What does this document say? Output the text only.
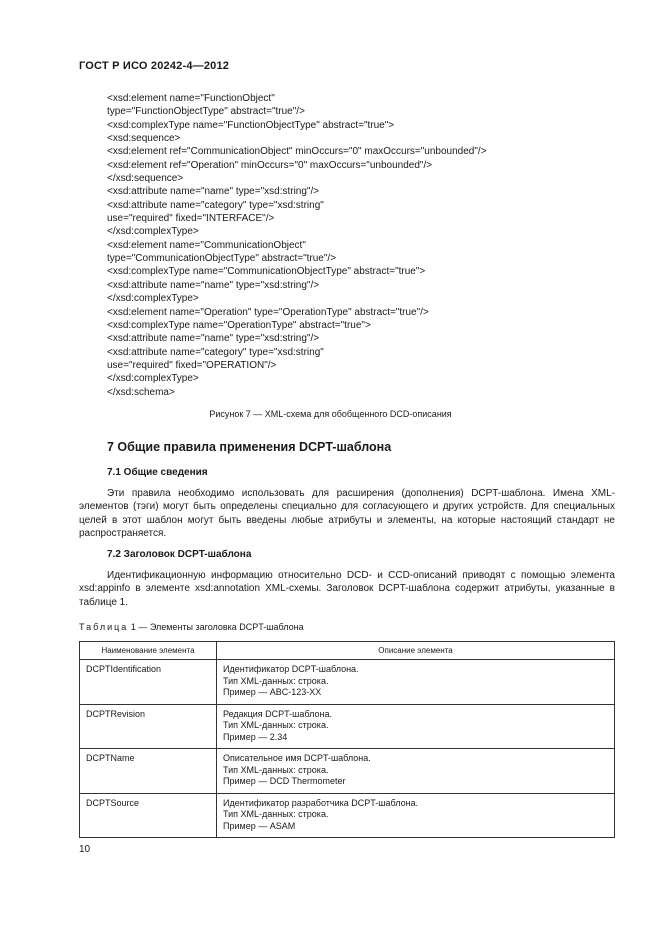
ГОСТ Р ИСО 20242-4—2012
<xsd:element name="FunctionObject"
type="FunctionObjectType" abstract="true"/>
<xsd:complexType name="FunctionObjectType" abstract="true">
<xsd:sequence>
<xsd:element ref="CommunicationObject" minOccurs="0" maxOccurs="unbounded"/>
<xsd:element ref="Operation" minOccurs="0" maxOccurs="unbounded"/>
</xsd:sequence>
<xsd:attribute name="name" type="xsd:string"/>
<xsd:attribute name="category" type="xsd:string"
use="required" fixed="INTERFACE"/>
</xsd:complexType>
<xsd:element name="CommunicationObject"
type="CommunicationObjectType" abstract="true"/>
<xsd:complexType name="CommunicationObjectType" abstract="true">
<xsd:attribute name="name" type="xsd:string"/>
</xsd:complexType>
<xsd:element name="Operation" type="OperationType" abstract="true"/>
<xsd:complexType name="OperationType" abstract="true">
<xsd:attribute name="name" type="xsd:string"/>
<xsd:attribute name="category" type="xsd:string"
use="required" fixed="OPERATION"/>
</xsd:complexType>
</xsd:schema>
Рисунок 7 — XML-схема для обобщенного DCD-описания
7 Общие правила применения DCPT-шаблона
7.1 Общие сведения
Эти правила необходимо использовать для расширения (дополнения) DCPT-шаблона. Имена XML- элементов (тэги) могут быть определены специально для согласующего и других устройств. Для специальных целей в этот шаблон могут быть введены любые атрибуты и элементы, на которые настоящий стандарт не распространяется.
7.2 Заголовок DCPT-шаблона
Идентификационную информацию относительно DCD- и CCD-описаний приводят с помощью элемента xsd:appinfo в элементе xsd:annotation XML-схемы. Заголовок DCPT-шаблона содержит атрибуты, указанные в таблице 1.
Таблица 1 — Элементы заголовка DCPT-шаблона
Наименование элемента	Описание элемента
DCPTIdentification	Идентификатор DCPT-шаблона.
Тип XML-данных: строка.
Пример — ABC-123-XX

DCPTRevision	Редакция DCPT-шаблона.
Тип XML-данных: строка.
Пример — 2.34

DCPTName	Описательное имя DCPT-шаблона.
Тип XML-данных: строка.
Пример — DCD Thermometer

DCPTSource	Идентификатор разработчика DCPT-шаблона.
Тип XML-данных: строка.
Пример — ASAM
10
